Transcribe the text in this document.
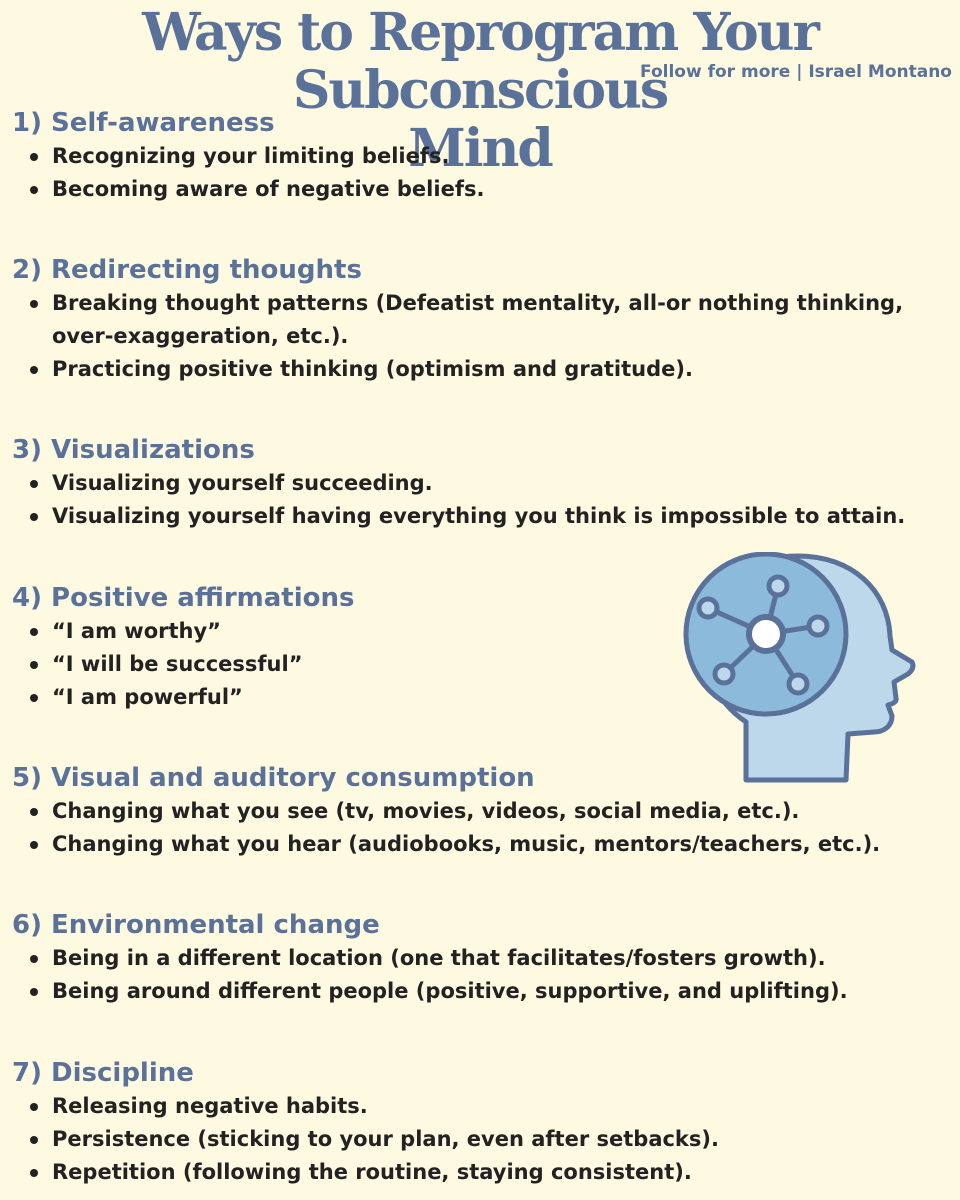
Ways to Reprogram Your Subconscious
Mind
Follow for more | Israel Montano
1) Self-awareness
Recognizing your limiting beliefs.
Becoming aware of negative beliefs.
2) Redirecting thoughts
Breaking thought patterns (Defeatist mentality, all-or nothing thinking, over-exaggeration, etc.).
Practicing positive thinking (optimism and gratitude).
3) Visualizations
Visualizing yourself succeeding.
Visualizing yourself having everything you think is impossible to attain.
4) Positive affirmations
“I am worthy”
“I will be successful”
“I am powerful”
5) Visual and auditory consumption
Changing what you see (tv, movies, videos, social media, etc.).
Changing what you hear (audiobooks, music, mentors/teachers, etc.).
6) Environmental change
Being in a different location (one that facilitates/fosters growth).
Being around different people (positive, supportive, and uplifting).
7) Discipline
Releasing negative habits.
Persistence (sticking to your plan, even after setbacks).
Repetition (following the routine, staying consistent).
